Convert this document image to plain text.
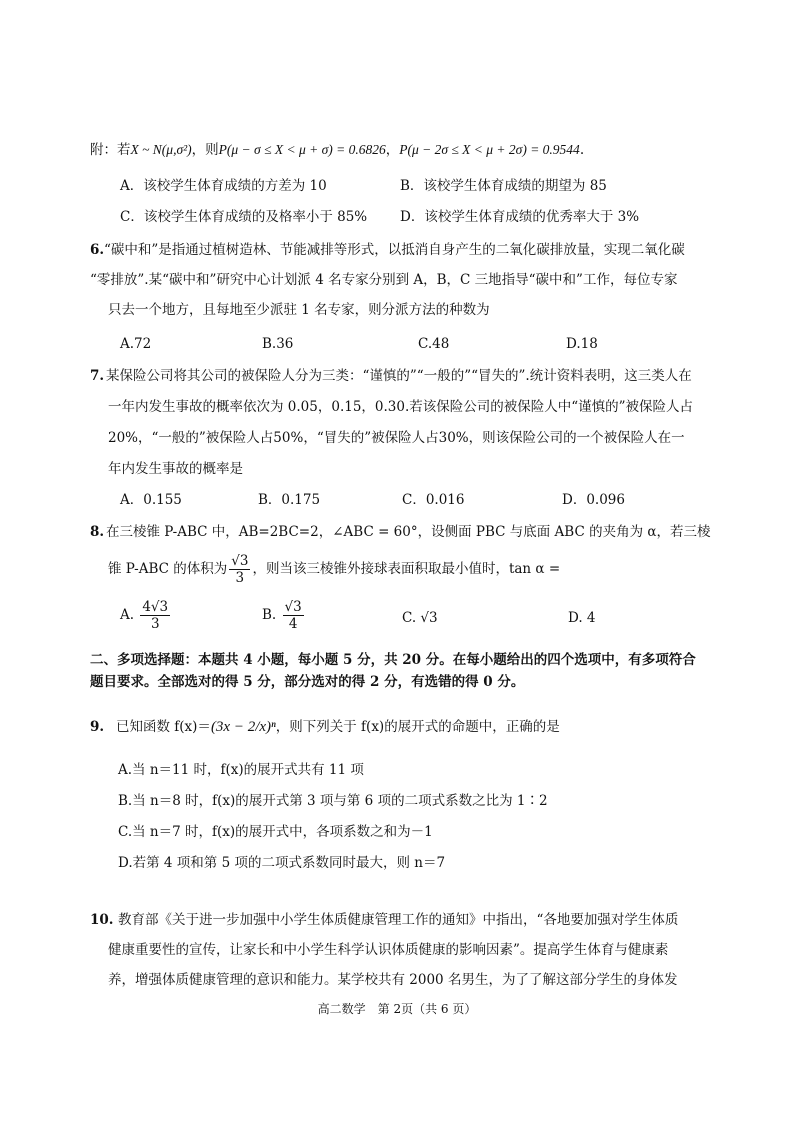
附：若X ~ N(μ,σ²)，则P(μ − σ ≤ X < μ + σ) = 0.6826，P(μ − 2σ ≤ X < μ + 2σ) = 0.9544.
A．该校学生体育成绩的方差为 10	B．该校学生体育成绩的期望为 85
C．该校学生体育成绩的及格率小于 85% D．该校学生体育成绩的优秀率大于 3%
6. “碳中和”是指通过植树造林、节能减排等形式，以抵消自身产生的二氧化碳排放量，实现二氧化碳
“零排放”.某“碳中和”研究中心计划派 4 名专家分别到 A，B，C 三地指导“碳中和”工作，每位专家
只去一个地方，且每地至少派驻 1 名专家，则分派方法的种数为
A.72	B.36	C.48	D.18
7. 某保险公司将其公司的被保险人分为三类：“谨慎的”“一般的”“冒失的”.统计资料表明，这三类人在
一年内发生事故的概率依次为 0.05，0.15，0.30.若该保险公司的被保险人中“谨慎的”被保险人占
20%，“一般的”被保险人占50%，“冒失的”被保险人占30%，则该保险公司的一个被保险人在一
年内发生事故的概率是
A．0.155	B．0.175	C．0.016	D．0.096
8. 在三棱锥 P-ABC 中，AB=2BC=2，∠ABC = 60°，设侧面 PBC 与底面 ABC 的夹角为 α，若三棱
锥 P-ABC 的体积为 $\frac{√3}{3}$ ，则当该三棱锥外接球表面积取最小值时，tan α =
A. $\frac{4√3}{3}$	B. $\frac{√3}{4}$	C. √3	D. 4
二、多项选择题：本题共 4 小题，每小题 5 分，共 20 分。在每小题给出的四个选项中，有多项符合
题目要求。全部选对的得 5 分，部分选对的得 2 分，有选错的得 0 分。
9. 已知函数 f(x)＝(3x − 2/x)ⁿ，则下列关于 f(x)的展开式的命题中，正确的是
A.当 n＝11 时，f(x)的展开式共有 11 项
B.当 n＝8 时，f(x)的展开式第 3 项与第 6 项的二项式系数之比为 1∶2
C.当 n＝7 时，f(x)的展开式中，各项系数之和为－1
D.若第 4 项和第 5 项的二项式系数同时最大，则 n＝7
10. 教育部《关于进一步加强中小学生体质健康管理工作的通知》中指出，“各地要加强对学生体质
健康重要性的宣传，让家长和中小学生科学认识体质健康的影响因素”。提高学生体育与健康素
养，增强体质健康管理的意识和能力。某学校共有 2000 名男生，为了了解这部分学生的身体发
高二数学　第 2页（共 6 页）
